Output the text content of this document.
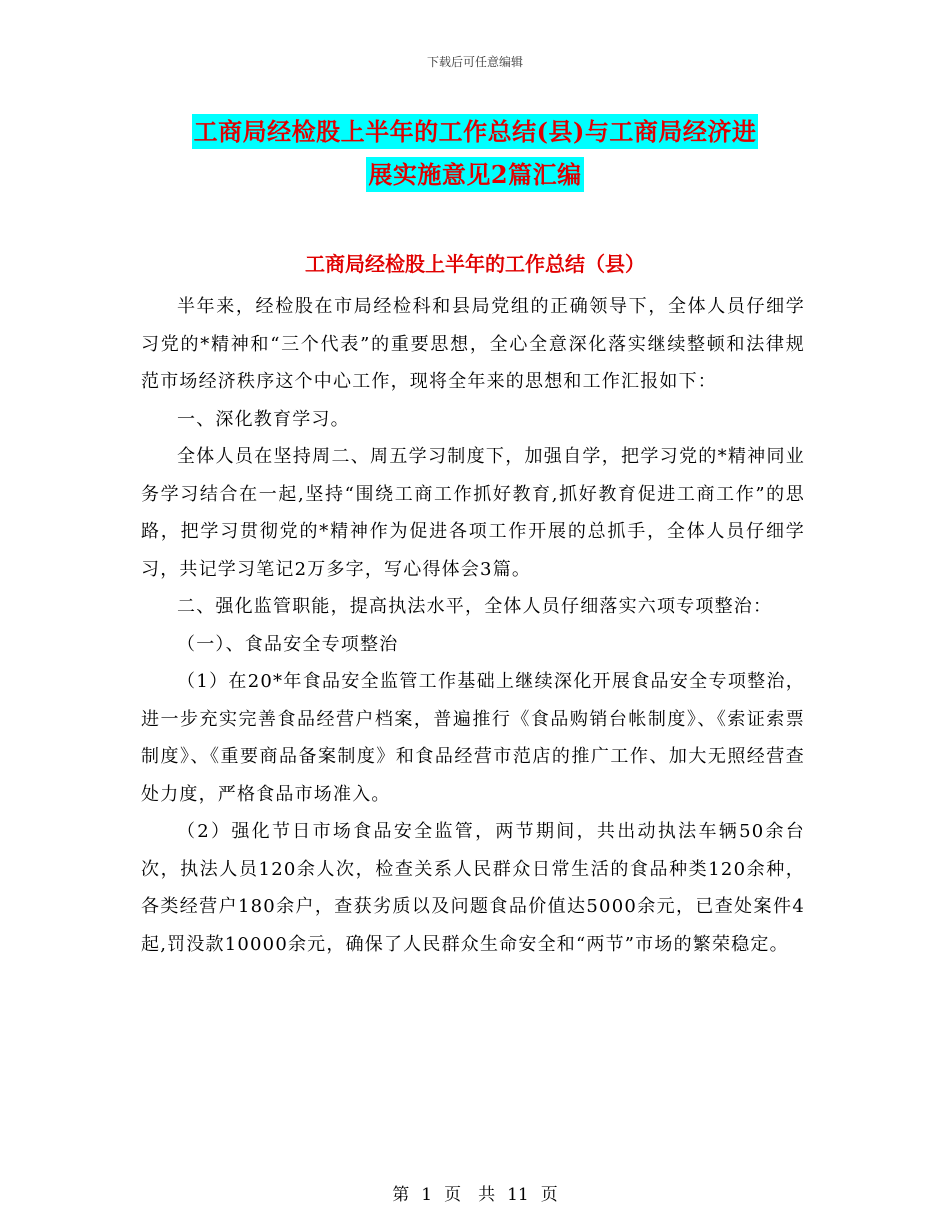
下载后可任意编辑
工商局经检股上半年的工作总结(县)与工商局经济进
展实施意见2篇汇编
工商局经检股上半年的工作总结（县）

半年来，经检股在市局经检科和县局党组的正确领导下，全体人员仔细学习党的*精神和“三个代表”的重要思想，全心全意深化落实继续整顿和法律规范市场经济秩序这个中心工作，现将全年来的思想和工作汇报如下：

一、深化教育学习。

全体人员在坚持周二、周五学习制度下，加强自学，把学习党的*精神同业务学习结合在一起,坚持“围绕工商工作抓好教育,抓好教育促进工商工作”的思路，把学习贯彻党的*精神作为促进各项工作开展的总抓手，全体人员仔细学习，共记学习笔记2万多字，写心得体会3篇。

二、强化监管职能，提高执法水平，全体人员仔细落实六项专项整治：

（一）、食品安全专项整治

（1）在20*年食品安全监管工作基础上继续深化开展食品安全专项整治，进一步充实完善食品经营户档案，普遍推行《食品购销台帐制度》、《索证索票制度》、《重要商品备案制度》和食品经营市范店的推广工作、加大无照经营查处力度，严格食品市场准入。

（2）强化节日市场食品安全监管，两节期间，共出动执法车辆50余台次，执法人员120余人次，检查关系人民群众日常生活的食品种类120余种，各类经营户180余户，查获劣质以及问题食品价值达5000余元，已查处案件4起,罚没款10000余元，确保了人民群众生命安全和“两节”市场的繁荣稳定。

第 1 页　共 11 页
